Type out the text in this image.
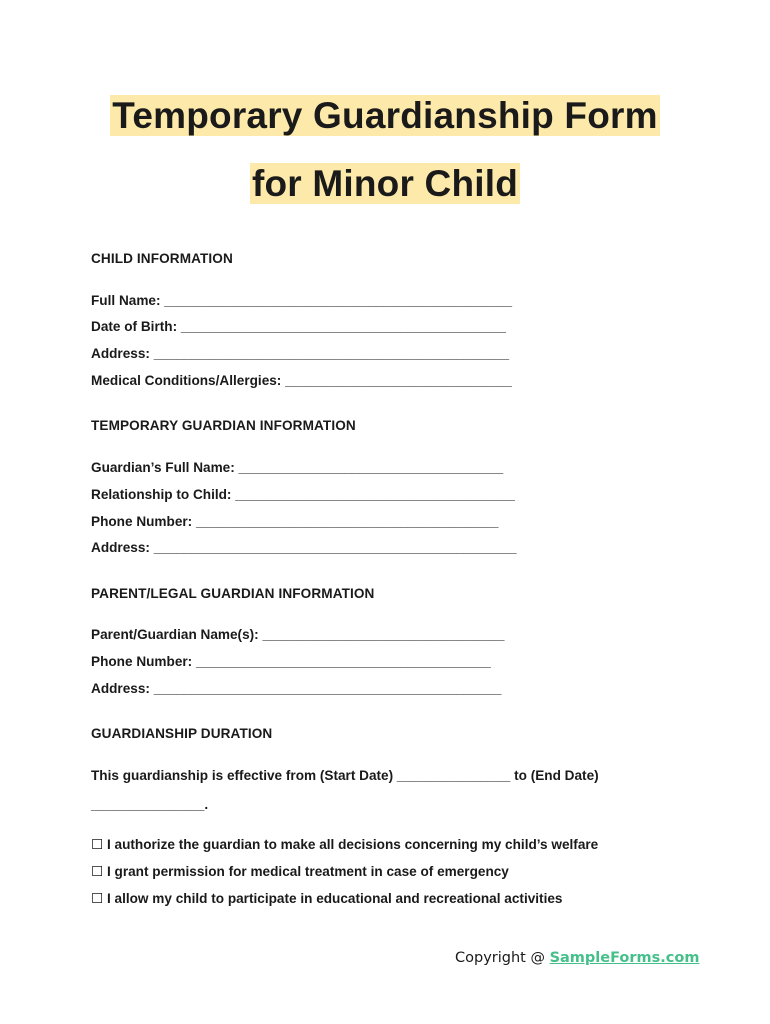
Temporary Guardianship Form
for Minor Child
CHILD INFORMATION
Full Name: ______________________________________________
Date of Birth: ___________________________________________
Address: _______________________________________________
Medical Conditions/Allergies: ______________________________
TEMPORARY GUARDIAN INFORMATION
Guardian’s Full Name: ___________________________________
Relationship to Child: _____________________________________
Phone Number: ________________________________________
Address: ________________________________________________
PARENT/LEGAL GUARDIAN INFORMATION
Parent/Guardian Name(s): ________________________________
Phone Number: _______________________________________
Address: ______________________________________________
GUARDIANSHIP DURATION
This guardianship is effective from (Start Date) _______________ to (End Date)
_______________.
☐ I authorize the guardian to make all decisions concerning my child’s welfare
☐ I grant permission for medical treatment in case of emergency
☐ I allow my child to participate in educational and recreational activities
Copyright @ SampleForms.com
